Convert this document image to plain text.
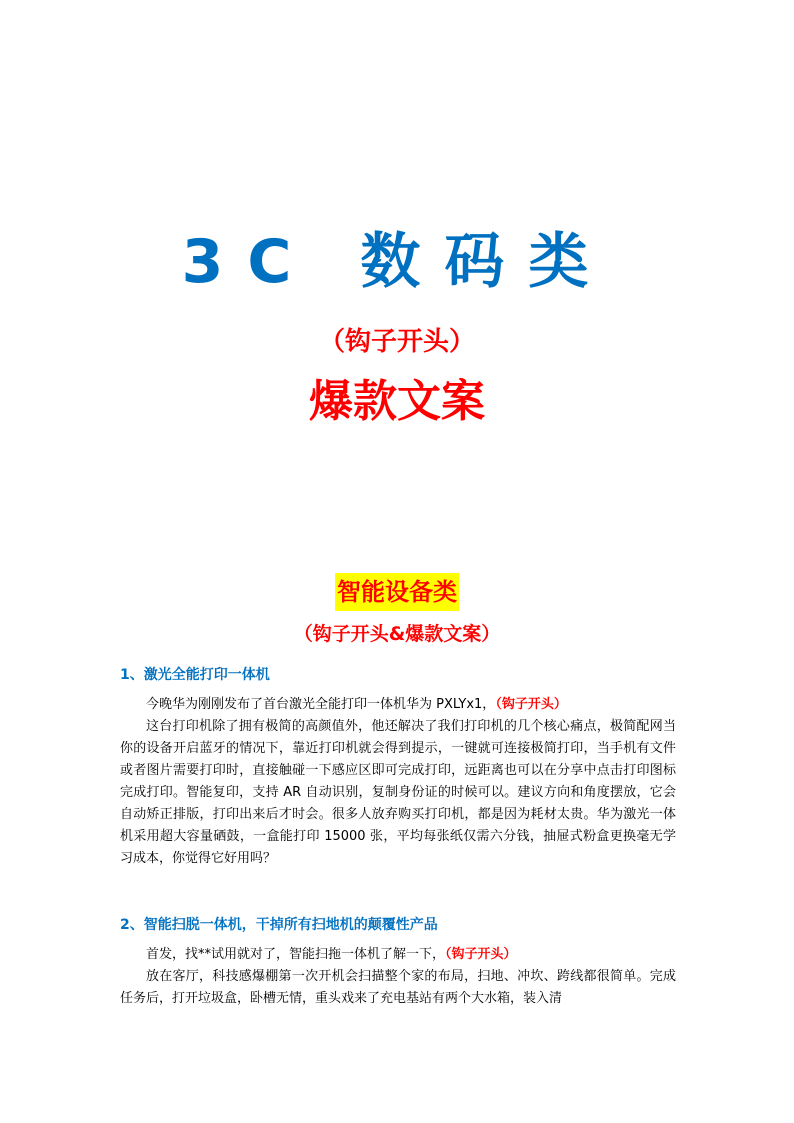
3C 数码类
（钩子开头）
爆款文案
智能设备类
（钩子开头&爆款文案）
1、激光全能打印一体机

今晚华为刚刚发布了首台激光全能打印一体机华为 PXLYx1，（钩子开头）

这台打印机除了拥有极简的高颜值外，他还解决了我们打印机的几个核心痛点，极简配网当你的设备开启蓝牙的情况下，靠近打印机就会得到提示，一键就可连接极简打印，当手机有文件或者图片需要打印时，直接触碰一下感应区即可完成打印，远距离也可以在分享中点击打印图标完成打印。智能复印，支持 AR 自动识别，复制身份证的时候可以。建议方向和角度摆放，它会自动矫正排版，打印出来后才时会。很多人放弃购买打印机，都是因为耗材太贵。华为激光一体机采用超大容量硒鼓，一盒能打印 15000 张，平均每张纸仅需六分钱，抽屉式粉盒更换毫无学习成本，你觉得它好用吗？

2、智能扫脱一体机，干掉所有扫地机的颠覆性产品

首发，找**试用就对了，智能扫拖一体机了解一下，（钩子开头）

放在客厅，科技感爆棚第一次开机会扫描整个家的布局，扫地、冲坎、跨线都很简单。完成任务后，打开垃圾盒，卧槽无情，重头戏来了充电基站有两个大水箱，装入清
